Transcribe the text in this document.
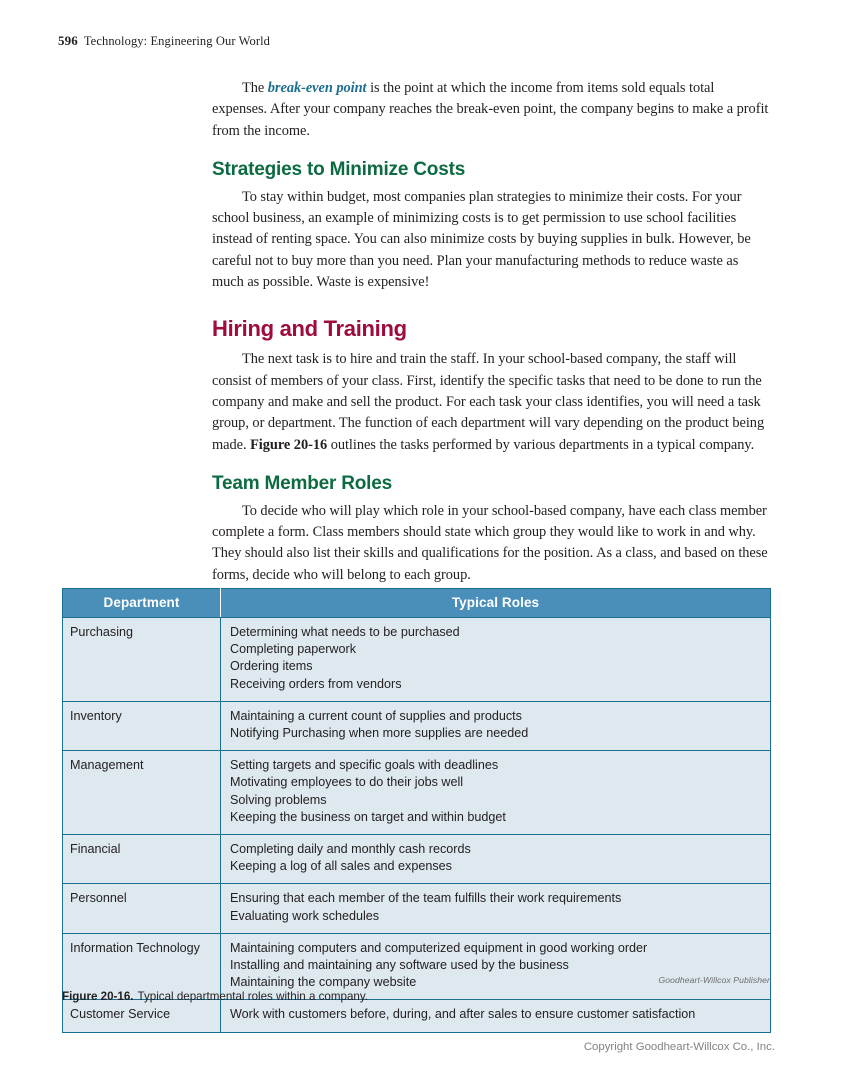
596 Technology: Engineering Our World

The break-even point is the point at which the income from items sold equals total expenses. After your company reaches the break-even point, the company begins to make a profit from the income.

Strategies to Minimize Costs

To stay within budget, most companies plan strategies to minimize their costs. For your school business, an example of minimizing costs is to get permission to use school facilities instead of renting space. You can also minimize costs by buying supplies in bulk. However, be careful not to buy more than you need. Plan your manufacturing methods to reduce waste as much as possible. Waste is expensive!

Hiring and Training

The next task is to hire and train the staff. In your school-based company, the staff will consist of members of your class. First, identify the specific tasks that need to be done to run the company and make and sell the product. For each task your class identifies, you will need a task group, or department. The function of each department will vary depending on the product being made. Figure 20-16 outlines the tasks performed by various departments in a typical company.

Team Member Roles

To decide who will play which role in your school-based company, have each class member complete a form. Class members should state which group they would like to work in and why. They should also list their skills and qualifications for the position. As a class, and based on these forms, decide who will belong to each group.

Department	Typical Roles
Purchasing	Determining what needs to be purchased
Completing paperwork
Ordering items
Receiving orders from vendors

Inventory	Maintaining a current count of supplies and products
Notifying Purchasing when more supplies are needed

Management	Setting targets and specific goals with deadlines
Motivating employees to do their jobs well
Solving problems
Keeping the business on target and within budget

Financial	Completing daily and monthly cash records
Keeping a log of all sales and expenses

Personnel	Ensuring that each member of the team fulfills their work requirements
Evaluating work schedules

Information Technology	Maintaining computers and computerized equipment in good working order
Installing and maintaining any software used by the business
Maintaining the company website

Customer Service	Work with customers before, during, and after sales to ensure customer satisfaction
Goodheart-Willcox Publisher
Figure 20-16. Typical departmental roles within a company.
Copyright Goodheart-Willcox Co., Inc.
